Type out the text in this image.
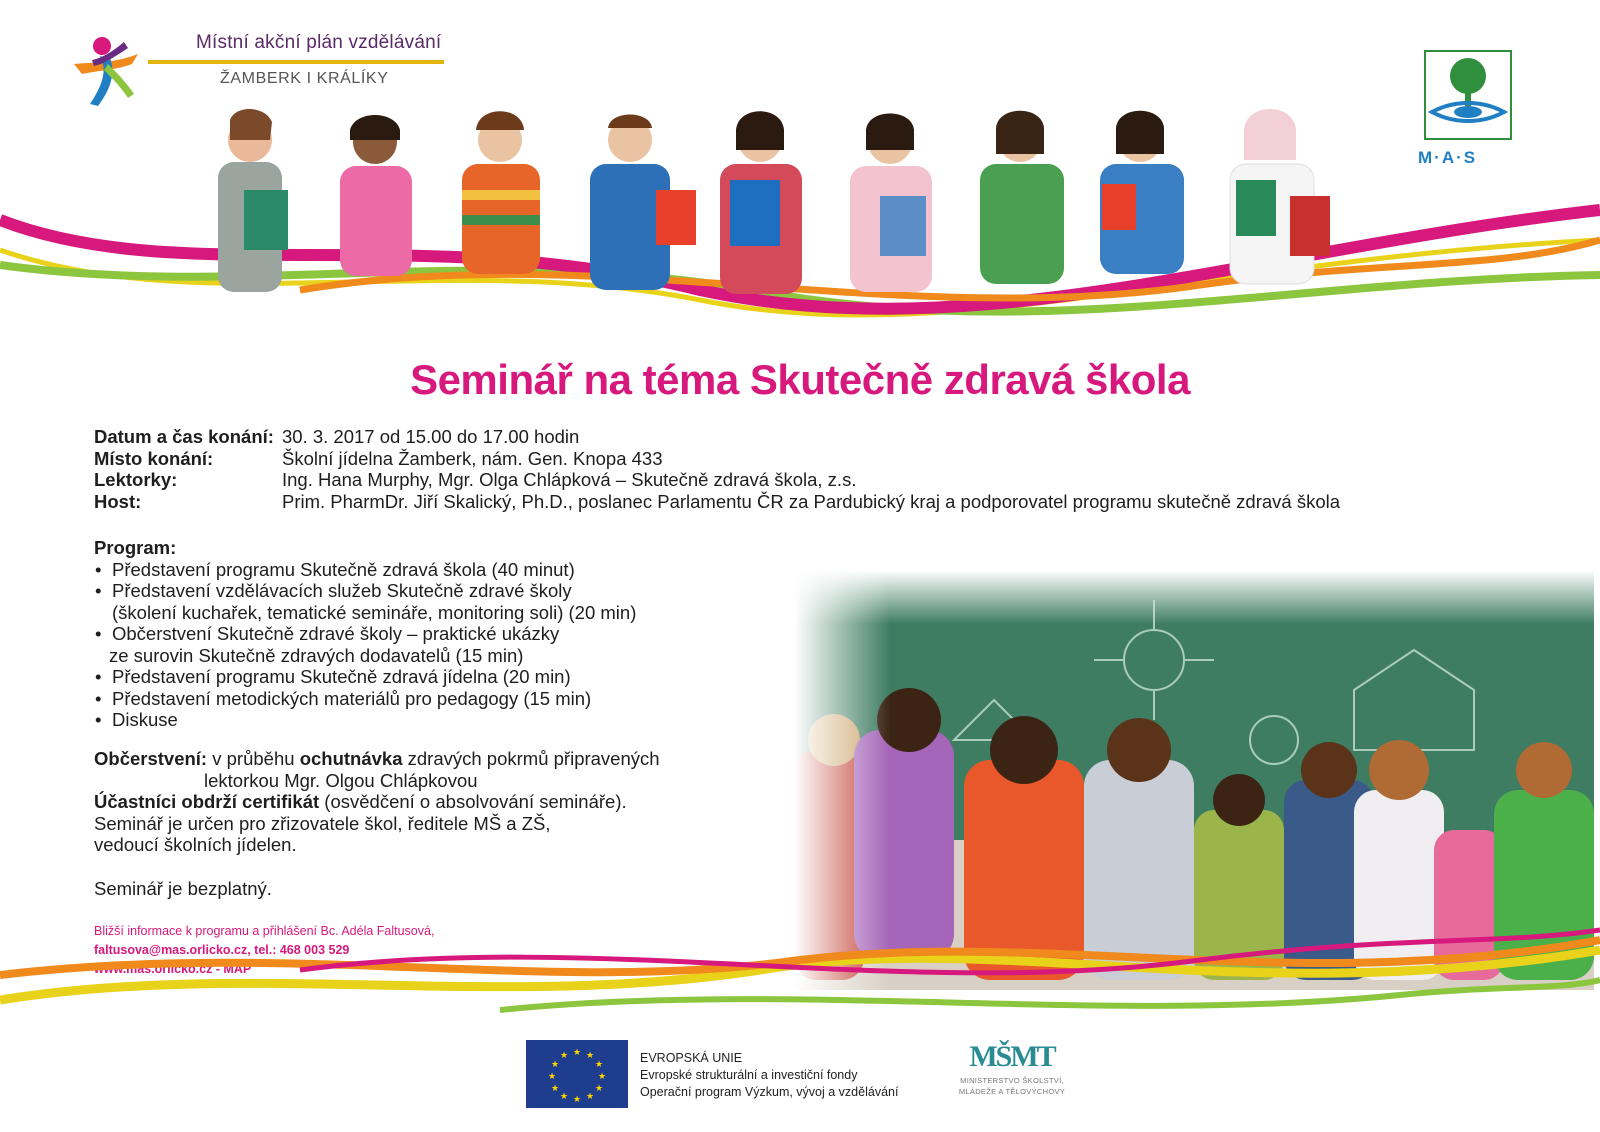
Místní akční plán vzdělávání
ŽAMBERK I KRÁLÍKY
M·A·S
Seminář na téma Skutečně zdravá škola
Datum a čas konání: 30. 3. 2017 od 15.00 do 17.00 hodin
Místo konání:	Školní jídelna Žamberk, nám. Gen. Knopa 433
Lektorky:	Ing. Hana Murphy, Mgr. Olga Chlápková – Skutečně zdravá škola, z.s.
Host:	Prim. PharmDr. Jiří Skalický, Ph.D., poslanec Parlamentu ČR za Pardubický kraj a podporovatel programu skutečně zdravá škola
Program:
• Představení programu Skutečně zdravá škola (40 minut)
• Představení vzdělávacích služeb Skutečně zdravé školy
(školení kuchařek, tematické semináře, monitoring soli) (20 min)
• Občerstvení Skutečně zdravé školy – praktické ukázky
ze surovin Skutečně zdravých dodavatelů (15 min)
• Představení programu Skutečně zdravá jídelna (20 min)
• Představení metodických materiálů pro pedagogy (15 min)
• Diskuse
Občerstvení: v průběhu ochutnávka zdravých pokrmů připravených
lektorkou Mgr. Olgou Chlápkovou
Účastníci obdrží certifikát (osvědčení o absolvování semináře).
Seminář je určen pro zřizovatele škol, ředitele MŠ a ZŠ,
vedoucí školních jídelen.
Seminář je bezplatný.
Bližší informace k programu a přihlášení Bc. Adéla Faltusová,
faltusova@mas.orlicko.cz, tel.: 468 003 529
www.mas.orlicko.cz - MAP
★ ★
★
★
★
★
★
★
★
★
★
★	EVROPSKÁ UNIE
Evropské strukturální a investiční fondy
Operační program Výzkum, vývoj a vzdělávání
MŠMT
MINISTERSTVO ŠKOLSTVÍ,
MLÁDEŽE A TĚLOVÝCHOVY
